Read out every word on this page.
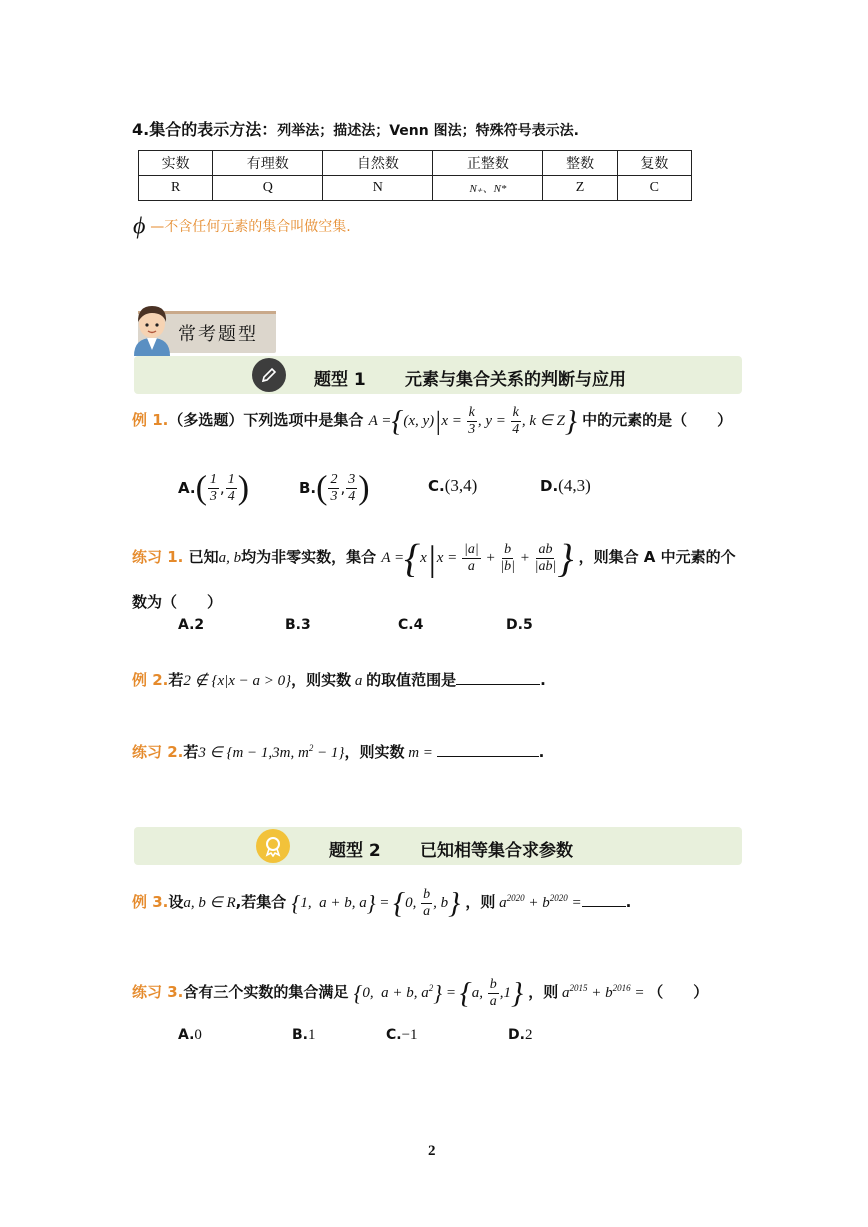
4.集合的表示方法：列举法；描述法；Venn 图法；特殊符号表示法.
实数	有理数	自然数	正整数	整数	复数
R	Q	N	N₊、N*	Z	C
ϕ —不含任何元素的集合叫做空集.
常考题型
题型 1 元素与集合关系的判断与应用
例 1.（多选题）下列选项中是集合 A ={(x, $y)|x = \frac{k}{3}$ , $y = \frac{k}{4}$ , k ∈ Z} 中的元素的是（　　）
$A.( \frac{1}{3}$ , $\frac{1}{4}$ )	$B.( \frac{2}{3}$ , $\frac{3}{4}$ )	C.(3,4)	D.(4,3)
练习 1. 已知a, b均为非零实数，集合 $A =\{x|x = \frac{|a|}{a} + \frac{b}{|b|} + \frac{ab}{|ab|}$ } ，则集合 A 中元素的个
数为（　　）
A.2	B.3	C.4	D.5
例 2.若2 ∉ {x|x − a > 0}，则实数 a 的取值范围是	.
练习 2.若3 ∈ {m − 1,3m, $m^2 - 1$}，则实数 m =	.
题型 2 已知相等集合求参数
例 3.设a, b ∈ R,若集合 {1,  a + b, a} = {0, $\frac{b}{a}$ , b} ，则 $a^{2020} + b^{2020}$ =	.
练习 3.含有三个实数的集合满足 {0,  a + b, $a^2\} = \{a$, $\frac{b}{a} ,1$} ，则 $a^{2015} + b^{2016}$ = （　　）
A.0	B.1	C.−1	D.2
2
